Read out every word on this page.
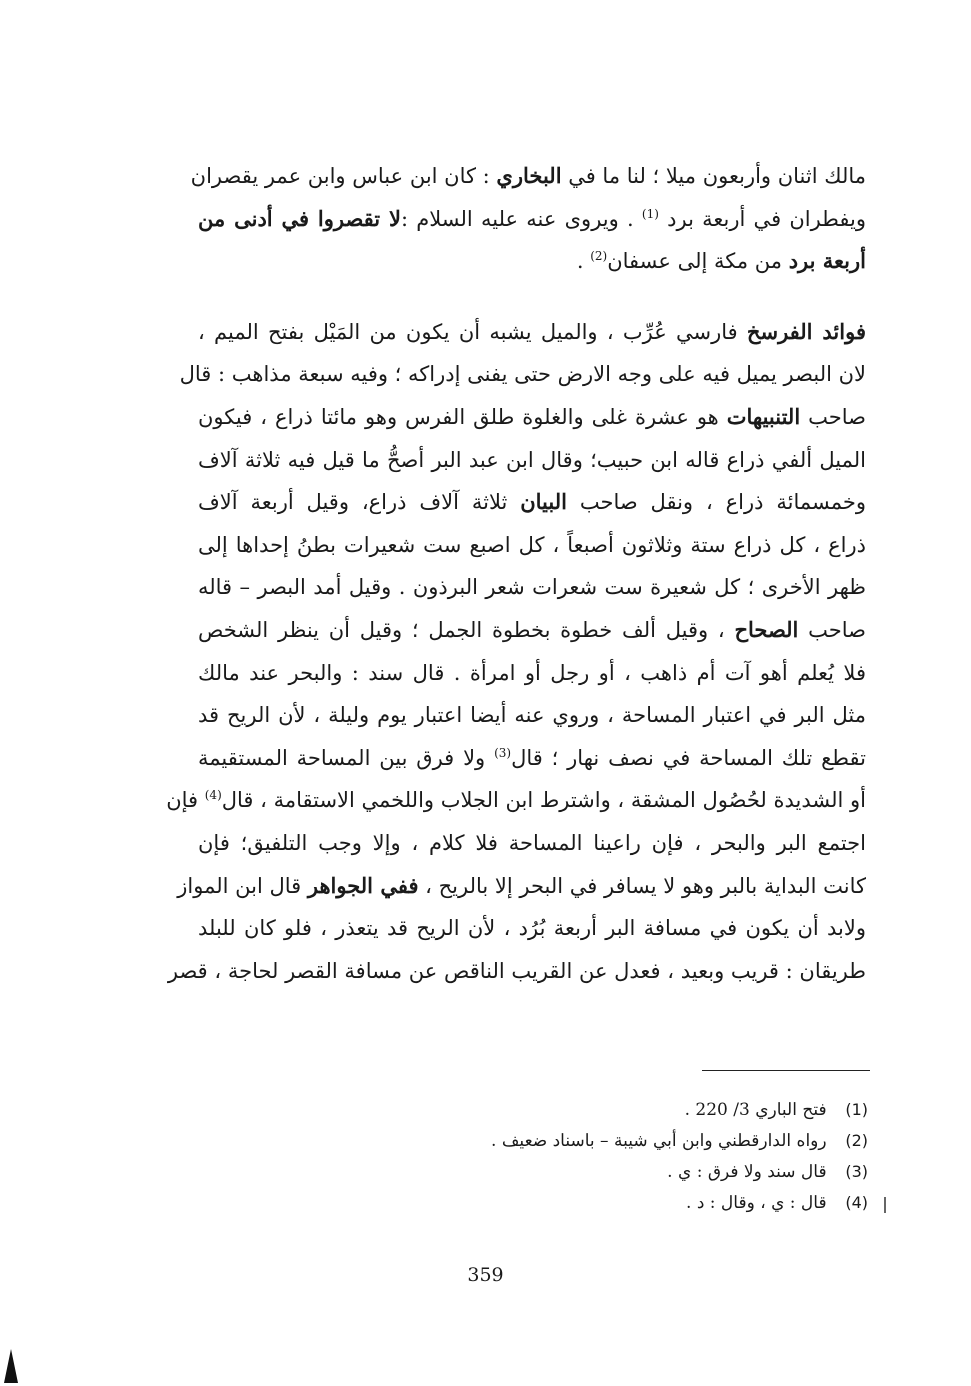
مالك اثنان وأربعون ميلا ؛ لنا ما في البخاري : كان ابن عباس وابن عمر يقصران
ويفطران في أربعة برد $^{(1)}$ . ويروى عنه عليه السلام :لا تقصروا في أدنى من
أربعة برد من مكة إلى عسفان$^{(2)}$ .
فوائد الفرسخ فارسي عُرِّب ، والميل يشبه أن يكون من المَيْل بفتح الميم ،
لان البصر يميل فيه على وجه الارض حتى يفنى إدراكه ؛ وفيه سبعة مذاهب : قال
صاحب التنبيهات هو عشرة غلى والغلوة طلق الفرس وهو مائتا ذراع ، فيكون
الميل ألفي ذراع قاله ابن حبيب؛ وقال ابن عبد البر أصحُّ ما قيل فيه ثلاثة آلاف
وخمسمائة ذراع ، ونقل صاحب البيان ثلاثة آلاف ذراع، وقيل أربعة آلاف
ذراع ، كل ذراع ستة وثلاثون أصبعاً ، كل اصبع ست شعيرات بطنُ إحداها إلى
ظهر الأخرى ؛ كل شعيرة ست شعرات شعر البرذون . وقيل أمد البصر – قاله
صاحب الصحاح ، وقيل ألف خطوة بخطوة الجمل ؛ وقيل أن ينظر الشخص
فلا يُعلم أهو آت أم ذاهب ، أو رجل أو امرأة . قال سند : والبحر عند مالك
مثل البر في اعتبار المساحة ، وروي عنه أيضا اعتبار يوم وليلة ، لأن الريح قد
تقطع تلك المساحة في نصف نهار ؛ قال$^{(3)}$ ولا فرق بين المساحة المستقيمة
أو الشديدة لحُصُول المشقة ، واشترط ابن الجلاب واللخمي الاستقامة ، قال$^{(4)}$ فإن
اجتمع البر والبحر ، فإن راعينا المساحة فلا كلام ، وإلا وجب التلفيق؛ فإن
كانت البداية بالبر وهو لا يسافر في البحر إلا بالريح ، ففي الجواهر قال ابن المواز
ولابد أن يكون في مسافة البر أربعة بُرُد ، لأن الريح قد يتعذر ، فلو كان للبلد
طريقان : قريب وبعيد ، فعدل عن القريب الناقص عن مسافة القصر لحاجة ، قصر
(1) فتح الباري 3/ 220 .
(2) رواه الدارقطني وابن أبي شيبة – باسناد ضعيف .
(3) قال سند ولا فرق : ي .
(4) قال : ي ، وقال : د .
359
